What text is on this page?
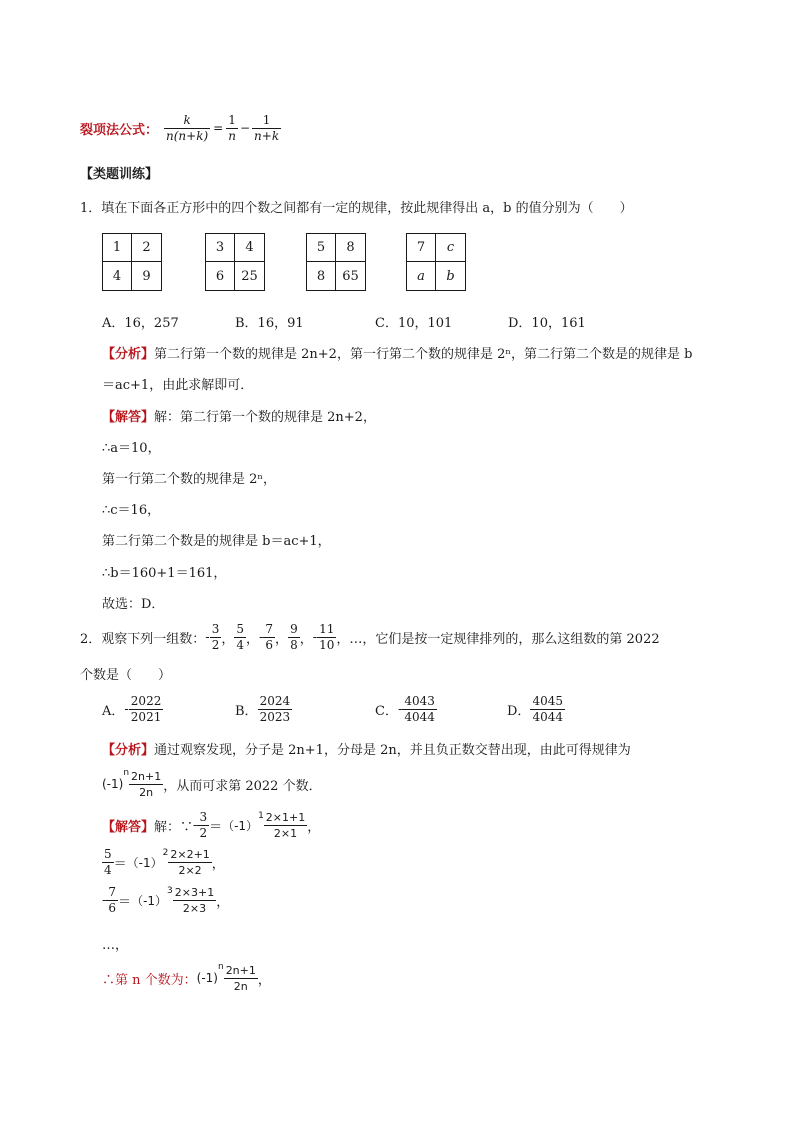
裂项法公式： $\frac{k}{n(n+k)} = \frac{1}{n} - \frac{1}{n+k}$
【类题训练】
1．填在下面各正方形中的四个数之间都有一定的规律，按此规律得出 a，b 的值分别为（　　）
1	2
4	9
3	4
6	25
5	8
8	65
7	c
a	b
A．16，257	B．16，91	C．10，101	D．10，161
【分析】第二行第一个数的规律是 2n+2，第一行第二个数的规律是 2ⁿ，第二行第二个数是的规律是 b
＝ac+1，由此求解即可．
【解答】解：第二行第一个数的规律是 2n+2，
∴a＝10，
第一行第二个数的规律是 2ⁿ，
∴c＝16，
第二行第二个数是的规律是 b＝ac+1，
∴b＝160+1＝161，
故选：D．
2．观察下列一组数： - $\frac{3}{2}$ ， $\frac{5}{4}$ ， - $\frac{7}{6}$ ， $\frac{9}{8}$ ， - $\frac{11}{10}$ ，…，它们是按一定规律排列的，那么这组数的第 2022
个数是（　　）
A． - $\frac{2022}{2021}$	B． $\frac{2024}{2023}$	C． - $\frac{4043}{4044}$	D． $\frac{4045}{4044}$
【分析】通过观察发现，分子是 2n+1，分母是 2n，并且负正数交替出现，由此可得规律为
(-1)
n $\frac{2n+1}{2n}$ ，从而可求第 2022 个数．
【解答】 解：∵ - $\frac{3}{2} = (-1)$
$1 \frac{2\times 1+1}{2\times 1}$ ，
$\frac{5}{4} = (-1)$
$2 \frac{2\times 2+1}{2\times 2}$ ，
- $\frac{7}{6} = (-1)$
$3 \frac{2\times 3+1}{2\times 3}$ ，
…，
∴第 n 个数为： (-1)
n $\frac{2n+1}{2n}$ ，
